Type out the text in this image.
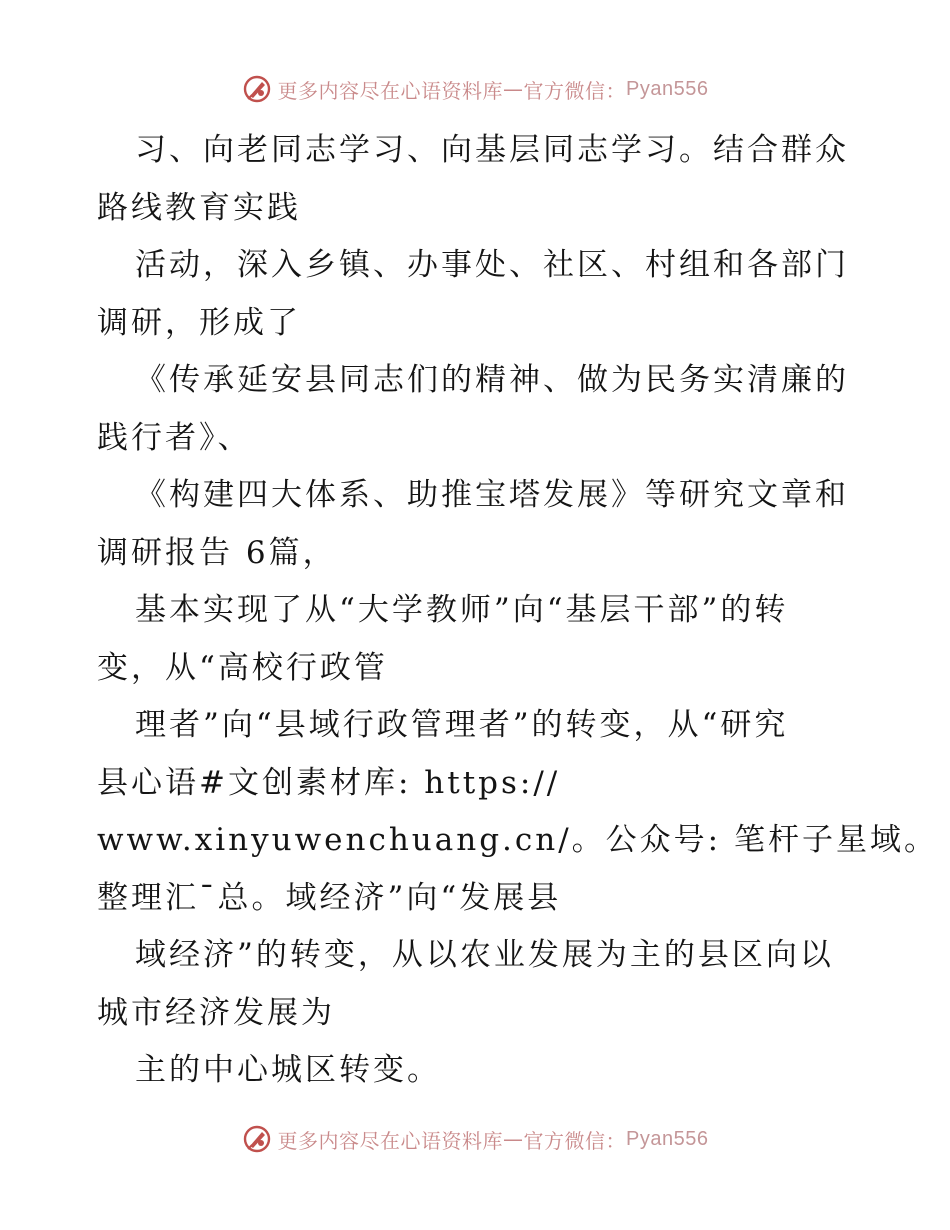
更多内容尽在心语资料库 — 官方微信： Pyan556
习、向老同志学习、向基层同志学习。结合群众
路线教育实践
活动，深入乡镇、办事处、社区、村组和各部门
调研，形成了
《传承延安县同志们的精神、做为民务实清廉的
践行者》、
《构建四大体系、助推宝塔发展》等研究文章和
调研报告 6篇，
基本实现了从“大学教师”向“基层干部”的转
变，从“高校行政管
理者”向“县域行政管理者”的转变，从“研究
县心语#文创素材库: https://
www.xinyuwenchuang.cn/。公众号: 笔杆子星域。
整理汇¯总。域经济”向“发展县
域经济”的转变，从以农业发展为主的县区向以
城市经济发展为
主的中心城区转变。
更多内容尽在心语资料库 — 官方微信： Pyan556
